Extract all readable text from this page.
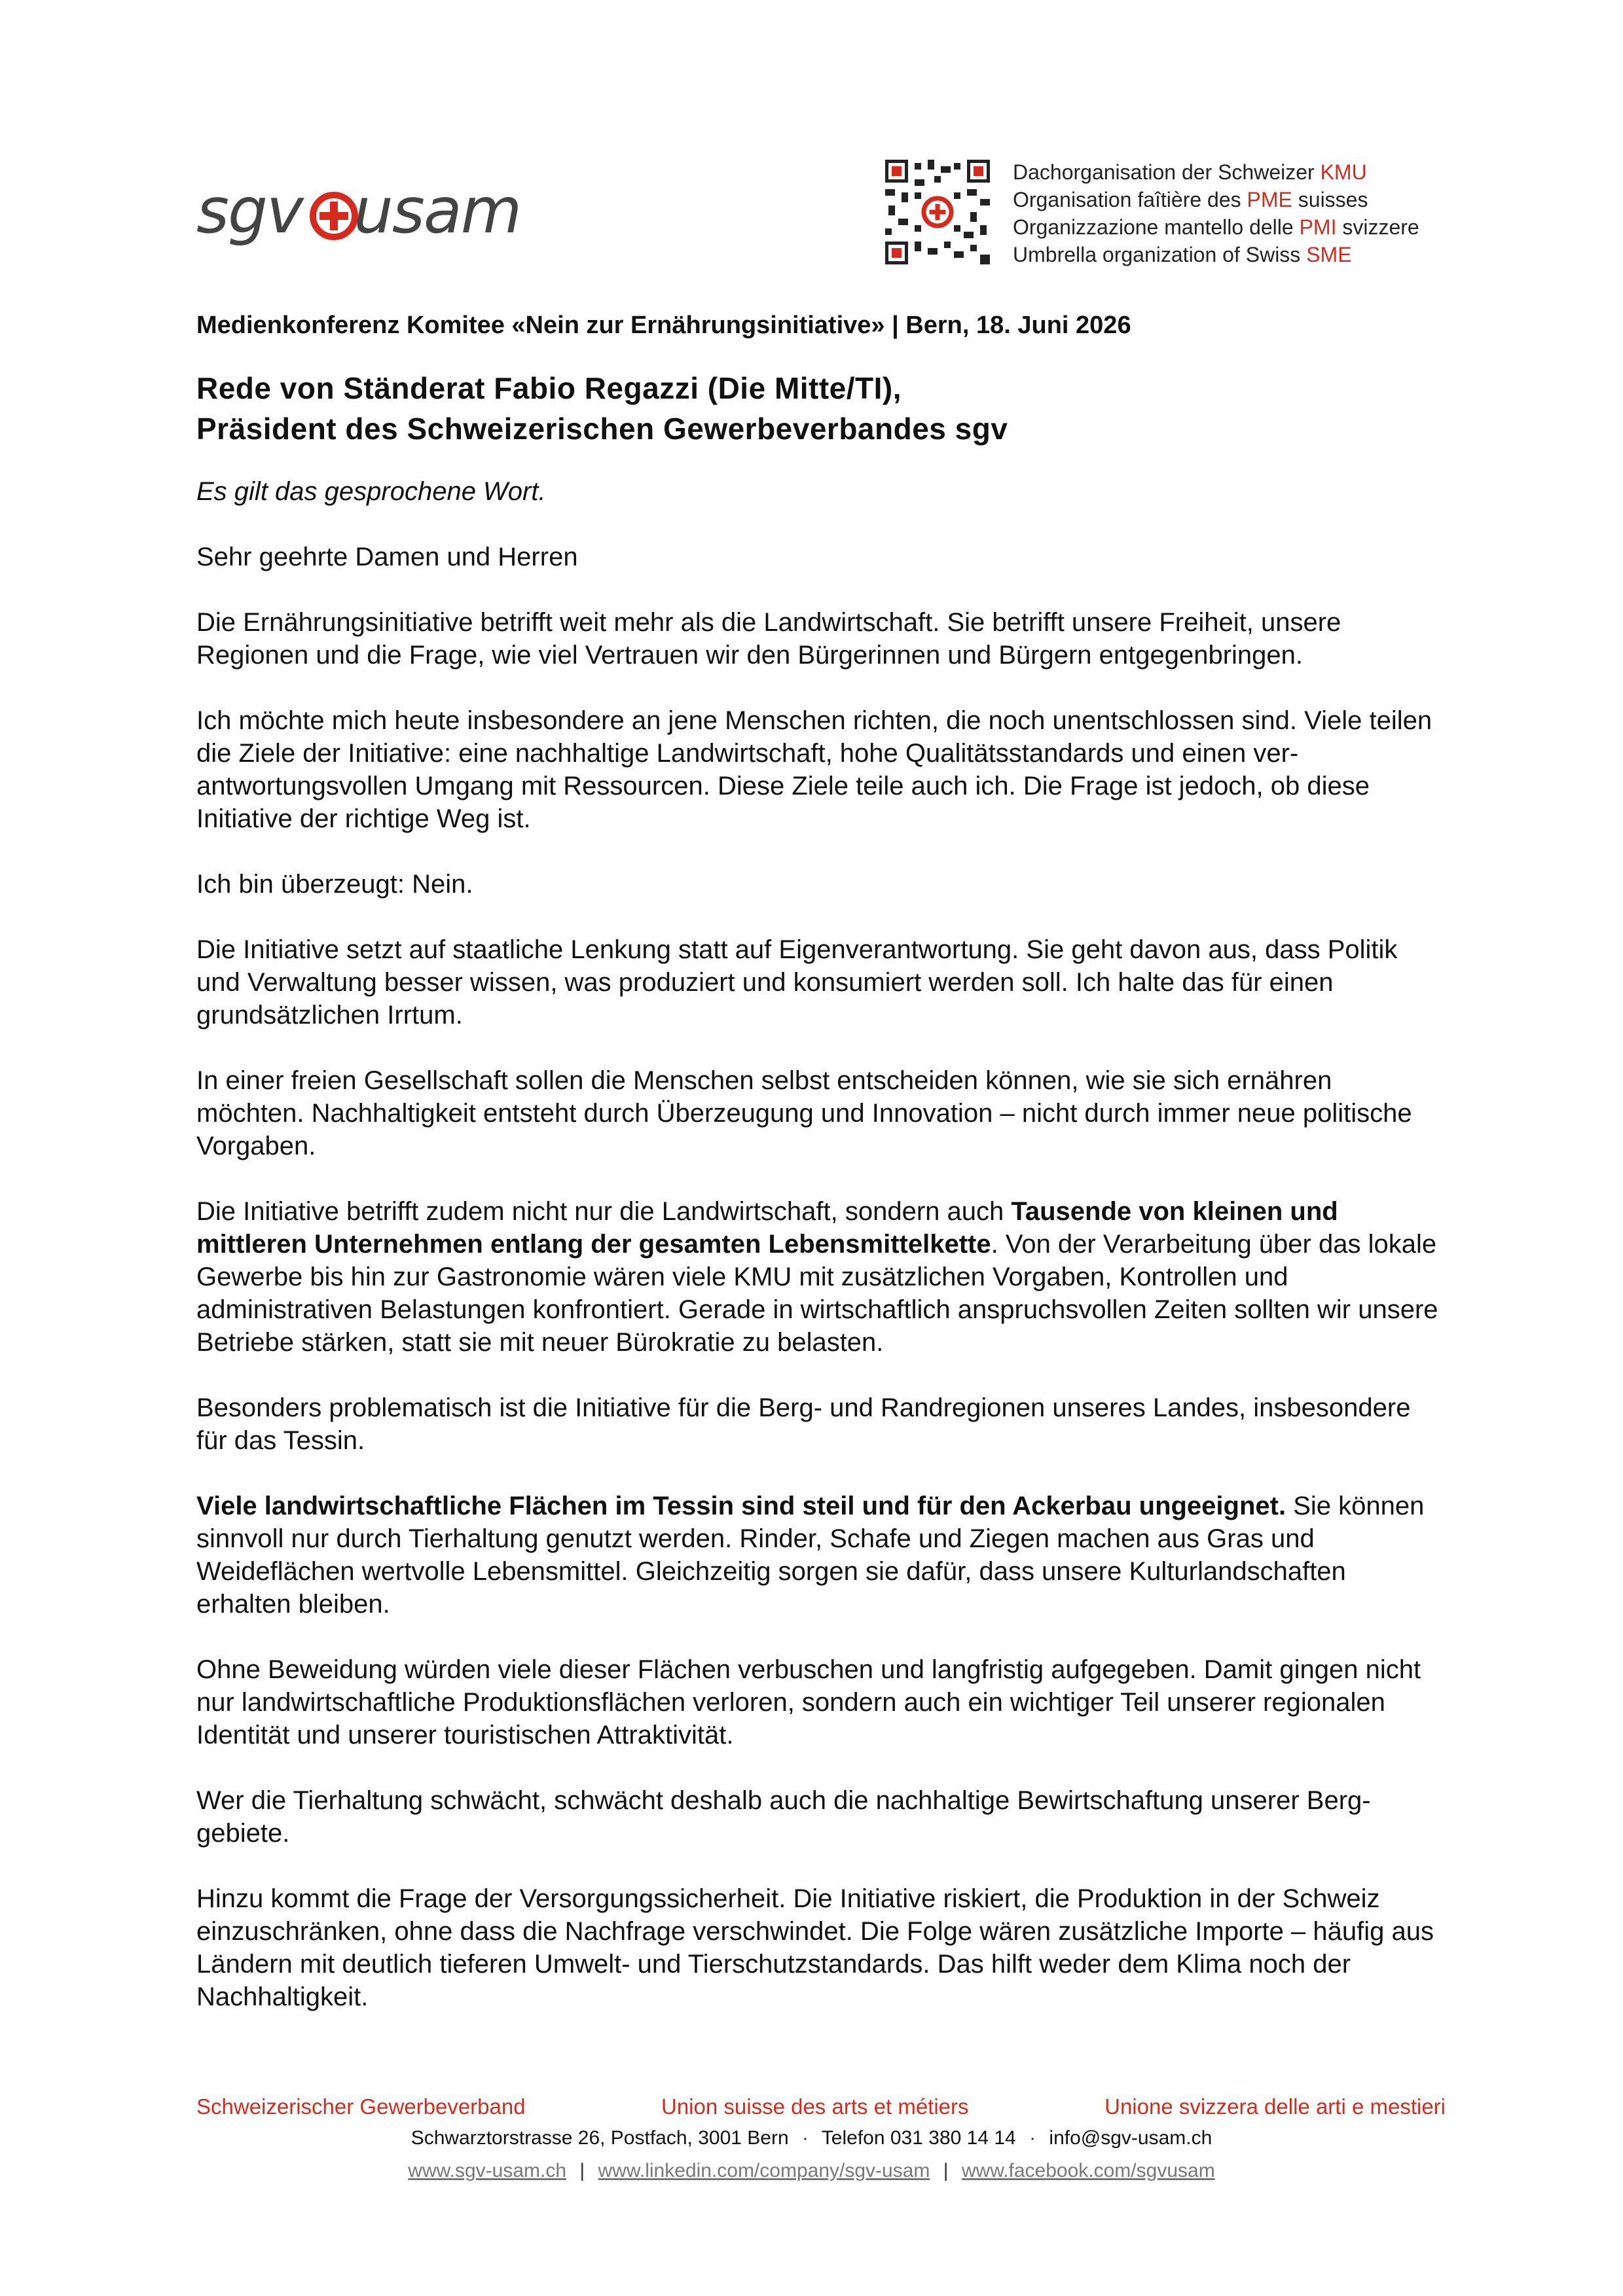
sgv usam
Dachorganisation der Schweizer KMU
Organisation faîtière des PME suisses
Organizzazione mantello delle PMI svizzere
Umbrella organization of Swiss SME
Medienkonferenz Komitee «Nein zur Ernährungsinitiative» | Bern, 18. Juni 2026
Rede von Ständerat Fabio Regazzi (Die Mitte/TI),
Präsident des Schweizerischen Gewerbeverbandes sgv

Es gilt das gesprochene Wort.

Sehr geehrte Damen und Herren

Die Ernährungsinitiative betrifft weit mehr als die Landwirtschaft. Sie betrifft unsere Freiheit, unsere Regionen und die Frage, wie viel Vertrauen wir den Bürgerinnen und Bürgern entgegenbringen.

Ich möchte mich heute insbesondere an jene Menschen richten, die noch unentschlossen sind. Viele teilen die Ziele der Initiative: eine nachhaltige Landwirtschaft, hohe Qualitätsstandards und einen verantwortungsvollen Umgang mit Ressourcen. Diese Ziele teile auch ich. Die Frage ist jedoch, ob diese Initiative der richtige Weg ist.

Ich bin überzeugt: Nein.

Die Initiative setzt auf staatliche Lenkung statt auf Eigenverantwortung. Sie geht davon aus, dass Politik und Verwaltung besser wissen, was produziert und konsumiert werden soll. Ich halte das für einen grundsätzlichen Irrtum.

In einer freien Gesellschaft sollen die Menschen selbst entscheiden können, wie sie sich ernähren möchten. Nachhaltigkeit entsteht durch Überzeugung und Innovation – nicht durch immer neue politische Vorgaben.

Die Initiative betrifft zudem nicht nur die Landwirtschaft, sondern auch Tausende von kleinen und mittleren Unternehmen entlang der gesamten Lebensmittelkette. Von der Verarbeitung über das lokale Gewerbe bis hin zur Gastronomie wären viele KMU mit zusätzlichen Vorgaben, Kontrollen und administrativen Belastungen konfrontiert. Gerade in wirtschaftlich anspruchsvollen Zeiten sollten wir unsere Betriebe stärken, statt sie mit neuer Bürokratie zu belasten.

Besonders problematisch ist die Initiative für die Berg- und Randregionen unseres Landes, insbesondere für das Tessin.

Viele landwirtschaftliche Flächen im Tessin sind steil und für den Ackerbau ungeeignet. Sie können sinnvoll nur durch Tierhaltung genutzt werden. Rinder, Schafe und Ziegen machen aus Gras und Weideflächen wertvolle Lebensmittel. Gleichzeitig sorgen sie dafür, dass unsere Kulturlandschaften erhalten bleiben.

Ohne Beweidung würden viele dieser Flächen verbuschen und langfristig aufgegeben. Damit gingen nicht nur landwirtschaftliche Produktionsflächen verloren, sondern auch ein wichtiger Teil unserer regionalen Identität und unserer touristischen Attraktivität.

Wer die Tierhaltung schwächt, schwächt deshalb auch die nachhaltige Bewirtschaftung unserer Berggebiete.

Hinzu kommt die Frage der Versorgungssicherheit. Die Initiative riskiert, die Produktion in der Schweiz einzuschränken, ohne dass die Nachfrage verschwindet. Die Folge wären zusätzliche Importe – häufig aus Ländern mit deutlich tieferen Umwelt- und Tierschutzstandards. Das hilft weder dem Klima noch der Nachhaltigkeit.

Schweizerischer Gewerbeverband	Union suisse des arts et métiers	Unione svizzera delle arti e mestieri
Schwarztorstrasse 26, Postfach, 3001 Bern · Telefon 031 380 14 14 · info@sgv-usam.ch
www.sgv-usam.ch | www.linkedin.com/company/sgv-usam | www.facebook.com/sgvusam
